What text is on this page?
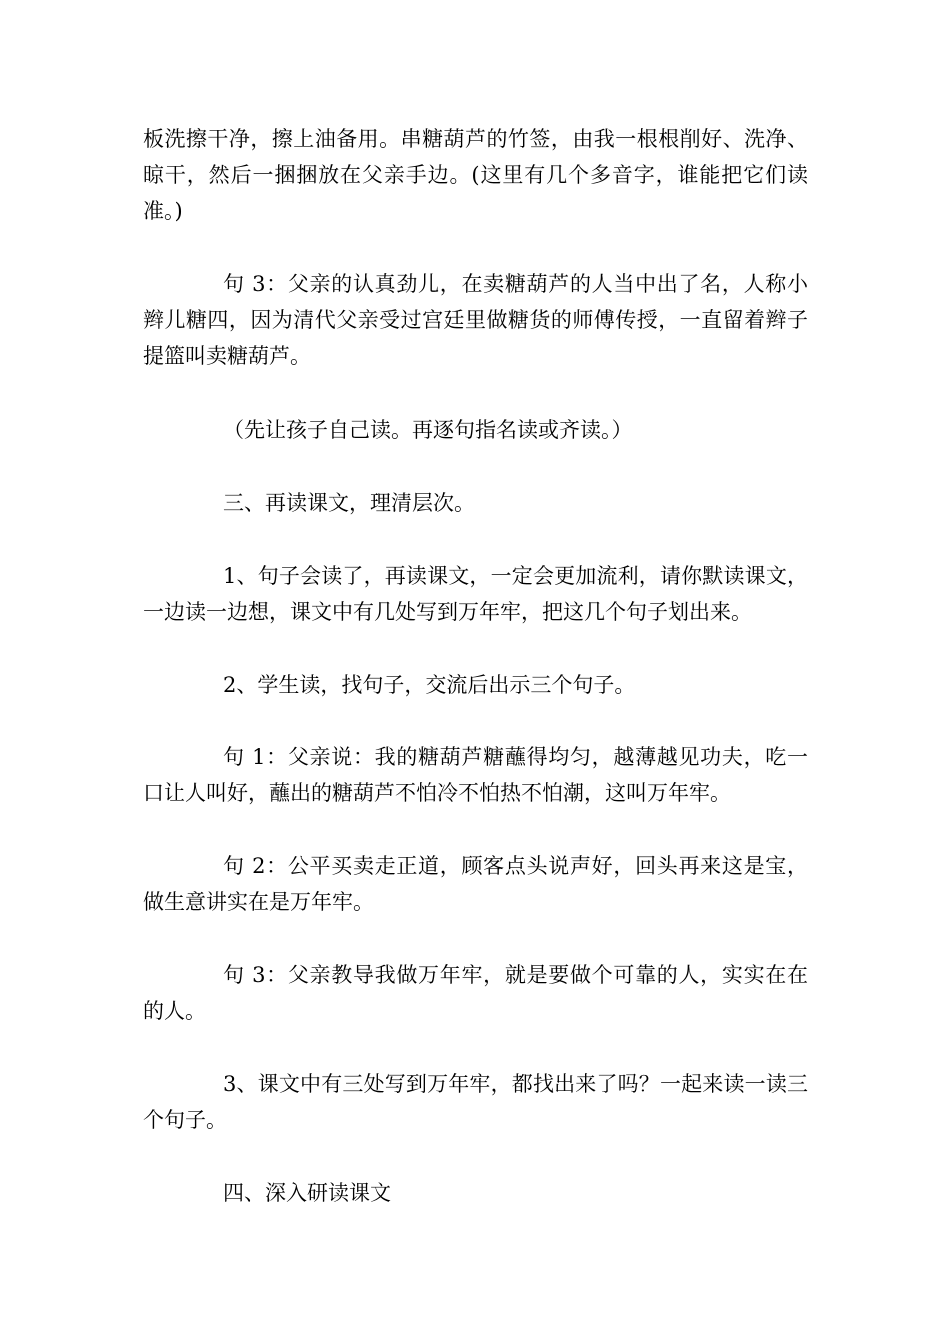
板洗擦干净，擦上油备用。串糖葫芦的竹签，由我一根根削好、洗净、晾干，然后一捆捆放在父亲手边。(这里有几个多音字，谁能把它们读准。)

句 3：父亲的认真劲儿，在卖糖葫芦的人当中出了名，人称小辫儿糖四，因为清代父亲受过宫廷里做糖货的师傅传授，一直留着辫子提篮叫卖糖葫芦。

（先让孩子自己读。再逐句指名读或齐读。）

三、再读课文，理清层次。

1、句子会读了，再读课文，一定会更加流利，请你默读课文，一边读一边想，课文中有几处写到万年牢，把这几个句子划出来。

2、学生读，找句子，交流后出示三个句子。

句 1：父亲说：我的糖葫芦糖蘸得均匀，越薄越见功夫，吃一口让人叫好，蘸出的糖葫芦不怕冷不怕热不怕潮，这叫万年牢。

句 2：公平买卖走正道，顾客点头说声好，回头再来这是宝，做生意讲实在是万年牢。

句 3：父亲教导我做万年牢，就是要做个可靠的人，实实在在的人。

3、课文中有三处写到万年牢，都找出来了吗？一起来读一读三个句子。

四、深入研读课文
